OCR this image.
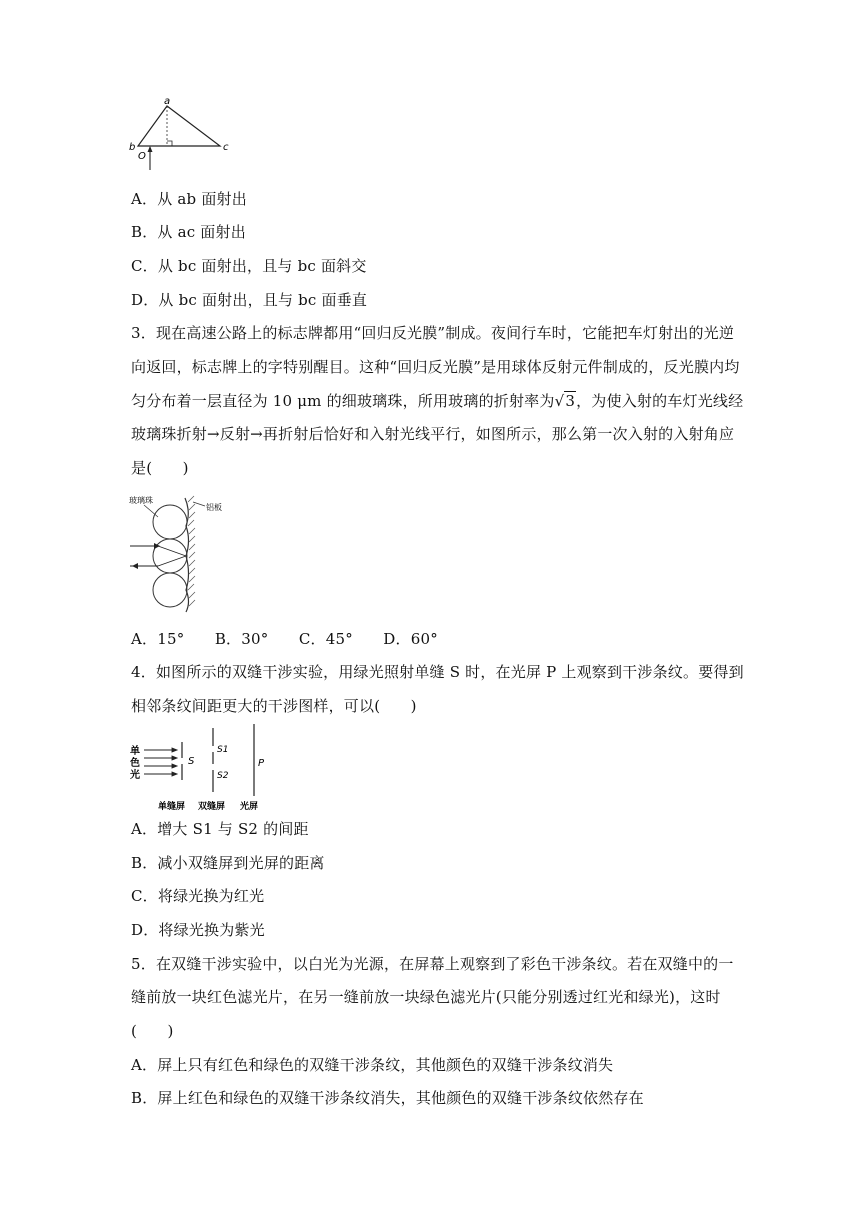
a
b	c
O
A．从 ab 面射出
B．从 ac 面射出
C．从 bc 面射出，且与 bc 面斜交
D．从 bc 面射出，且与 bc 面垂直
3．现在高速公路上的标志牌都用“回归反光膜”制成。夜间行车时，它能把车灯射出的光逆
向返回，标志牌上的字特别醒目。这种“回归反光膜”是用球体反射元件制成的，反光膜内均
匀分布着一层直径为 10 μm 的细玻璃珠，所用玻璃的折射率为√3，为使入射的车灯光线经
玻璃珠折射→反射→再折射后恰好和入射光线平行，如图所示，那么第一次入射的入射角应
是(　　)
玻璃珠
铝板
A．15°　　B．30°　　C．45°　　D．60°
4．如图所示的双缝干涉实验，用绿光照射单缝 S 时，在光屏 P 上观察到干涉条纹。要得到
相邻条纹间距更大的干涉图样，可以(　　)
单
色
光
S
S1
S2
P
单缝屏 双缝屏 光屏
A．增大 S1 与 S2 的间距
B．减小双缝屏到光屏的距离
C．将绿光换为红光
D．将绿光换为紫光
5．在双缝干涉实验中，以白光为光源，在屏幕上观察到了彩色干涉条纹。若在双缝中的一
缝前放一块红色滤光片，在另一缝前放一块绿色滤光片(只能分别透过红光和绿光)，这时
(　　)
A．屏上只有红色和绿色的双缝干涉条纹，其他颜色的双缝干涉条纹消失
B．屏上红色和绿色的双缝干涉条纹消失，其他颜色的双缝干涉条纹依然存在
